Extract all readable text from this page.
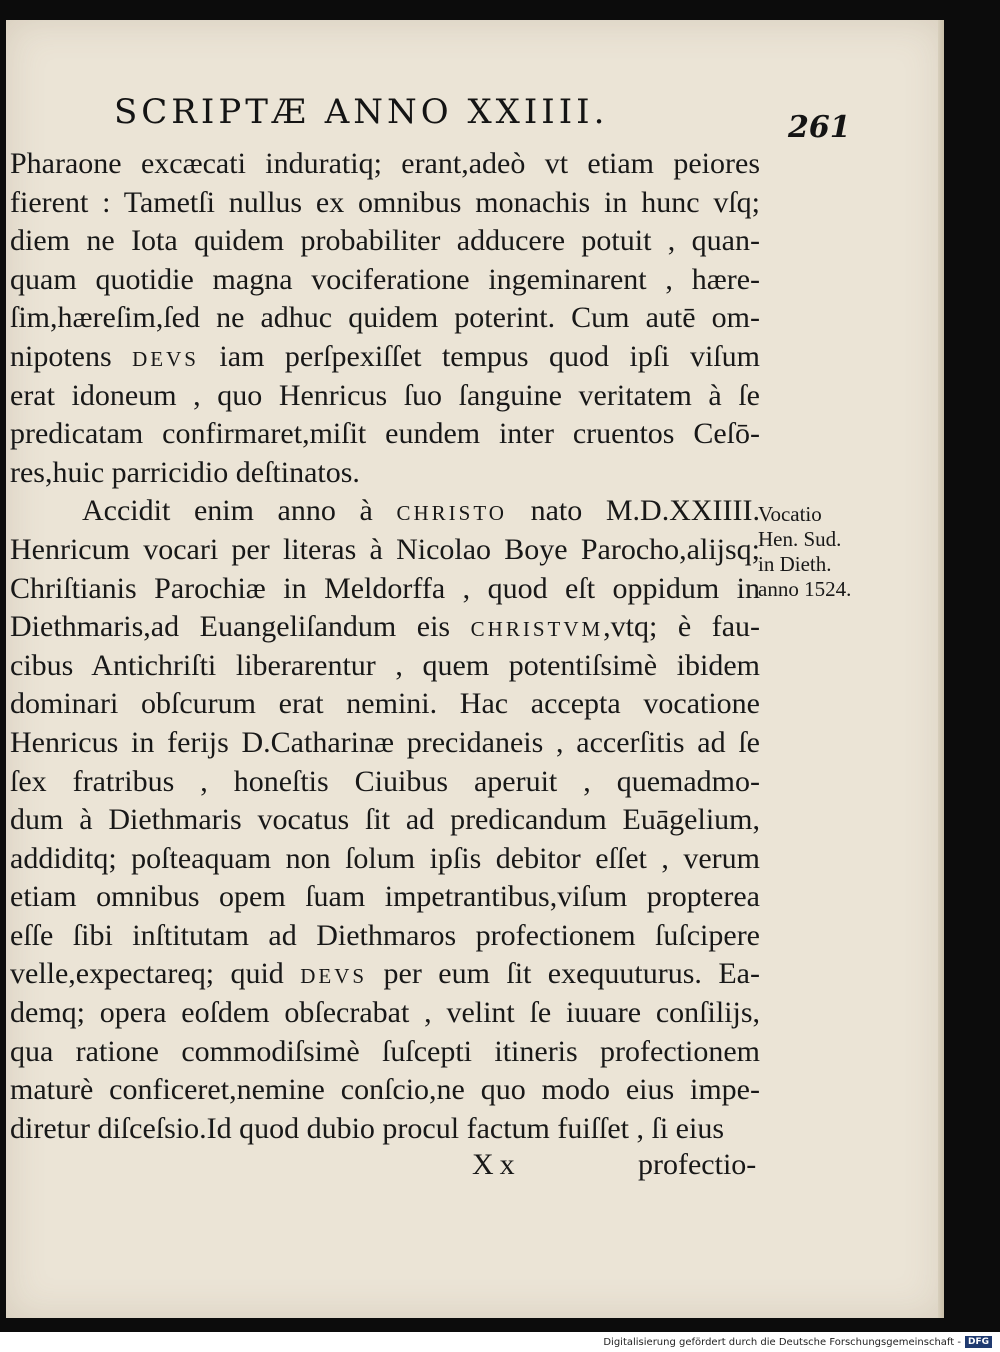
SCRIPTÆ ANNO XXIIII.	261
Pharaone excæcati induratiq; erant,adeò vt etiam peiores
fierent : Tametſi nullus ex omnibus monachis in hunc vſq;
diem ne Iota quidem probabiliter adducere potuit , quan-
quam quotidie magna vociferatione ingeminarent , hære-
ſim,hæreſim,ſed ne adhuc quidem poterint. Cum autē om-
nipotens DEVS iam perſpexiſſet tempus quod ipſi viſum
erat idoneum , quo Henricus ſuo ſanguine veritatem à ſe
predicatam confirmaret,miſit eundem inter cruentos Ceſō-
res,huic parricidio deſtinatos.
Accidit enim anno à CHRISTO nato M.D.XXIIII.
Henricum vocari per literas à Nicolao Boye Parocho,aliјsq;
Chriſtianis Parochiæ in Meldorffa , quod eſt oppidum in
Diethmaris,ad Euangeliſandum eis CHRISTVM,vtq; è fau-
cibus Antichriſti liberarentur , quem potentiſsimè ibidem
dominari obſcurum erat nemini. Hac accepta vocatione
Henricus in ferijs D.Catharinæ precidaneis , accerſitis ad ſe
ſex fratribus , honeſtis Ciuibus aperuit , quemadmo-
dum à Diethmaris vocatus ſit ad predicandum Euāgelium,
addiditq; poſteaquam non ſolum ipſis debitor eſſet , verum
etiam omnibus opem ſuam impetrantibus,viſum propterea
eſſe ſibi inſtitutam ad Diethmaros profectionem ſuſcipere
velle,expectareq; quid DEVS per eum ſit exequuturus. Ea-
demq; opera eoſdem obſecrabat , velint ſe iuuare conſilijs,
qua ratione commodiſsimè ſuſcepti itineris profectionem
maturè conficeret,nemine conſcio,ne quo modo eius impe-
diretur diſceſsio.Id quod dubio procul factum fuiſſet , ſi eius
Vocatio
Hen. Sud.
in Dieth.
anno 1524.
Xx	profectio-
Digitalisierung gefördert durch die Deutsche Forschungsgemeinschaft - DFG
